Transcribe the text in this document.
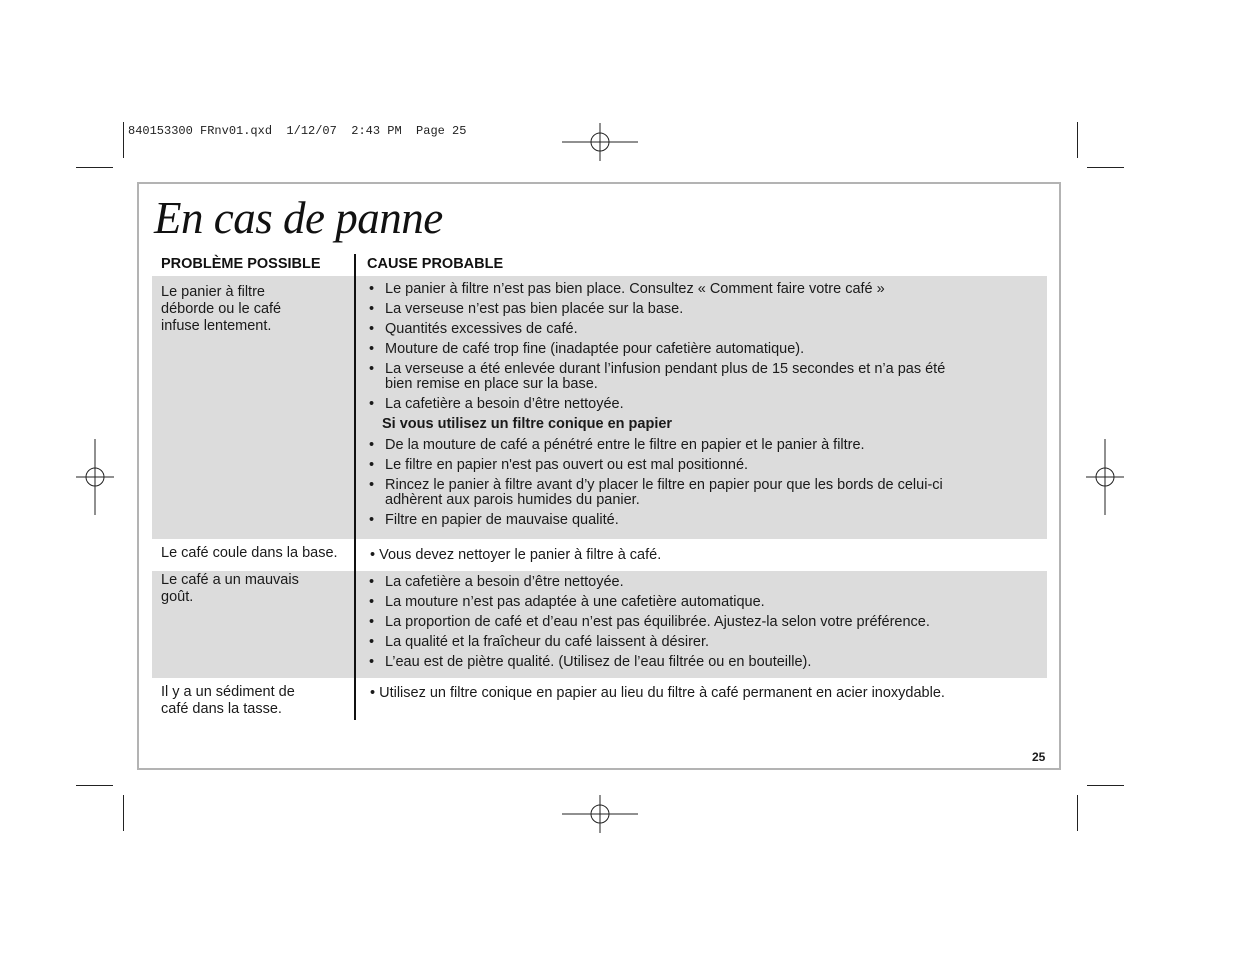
840153300 FRnv01.qxd  1/12/07  2:43 PM  Page 25
En cas de panne
PROBLÈME POSSIBLE	CAUSE PROBABLE
Le panier à filtre
déborde ou le café
infuse lentement.
• Le panier à filtre n’est pas bien place. Consultez « Comment faire votre café »
• La verseuse n’est pas bien placée sur la base.
• Quantités excessives de café.
• Mouture de café trop fine (inadaptée pour cafetière automatique).
• La verseuse a été enlevée durant l’infusion pendant plus de 15 secondes et n’a pas été
bien remise en place sur la base.
• La cafetière a besoin d’être nettoyée.
Si vous utilisez un filtre conique en papier
• De la mouture de café a pénétré entre le filtre en papier et le panier à filtre.
• Le filtre en papier n'est pas ouvert ou est mal positionné.
• Rincez le panier à filtre avant d’y placer le filtre en papier pour que les bords de celui-ci
adhèrent aux parois humides du panier.
• Filtre en papier de mauvaise qualité.
Le café coule dans la base.	• Vous devez nettoyer le panier à filtre à café.
Le café a un mauvais
goût.
• La cafetière a besoin d’être nettoyée.
• La mouture n’est pas adaptée à une cafetière automatique.
• La proportion de café et d’eau n’est pas équilibrée. Ajustez-la selon votre préférence.
• La qualité et la fraîcheur du café laissent à désirer.
• L’eau est de piètre qualité. (Utilisez de l’eau filtrée ou en bouteille).
Il y a un sédiment de
café dans la tasse.
• Utilisez un filtre conique en papier au lieu du filtre à café permanent en acier inoxydable.
25
